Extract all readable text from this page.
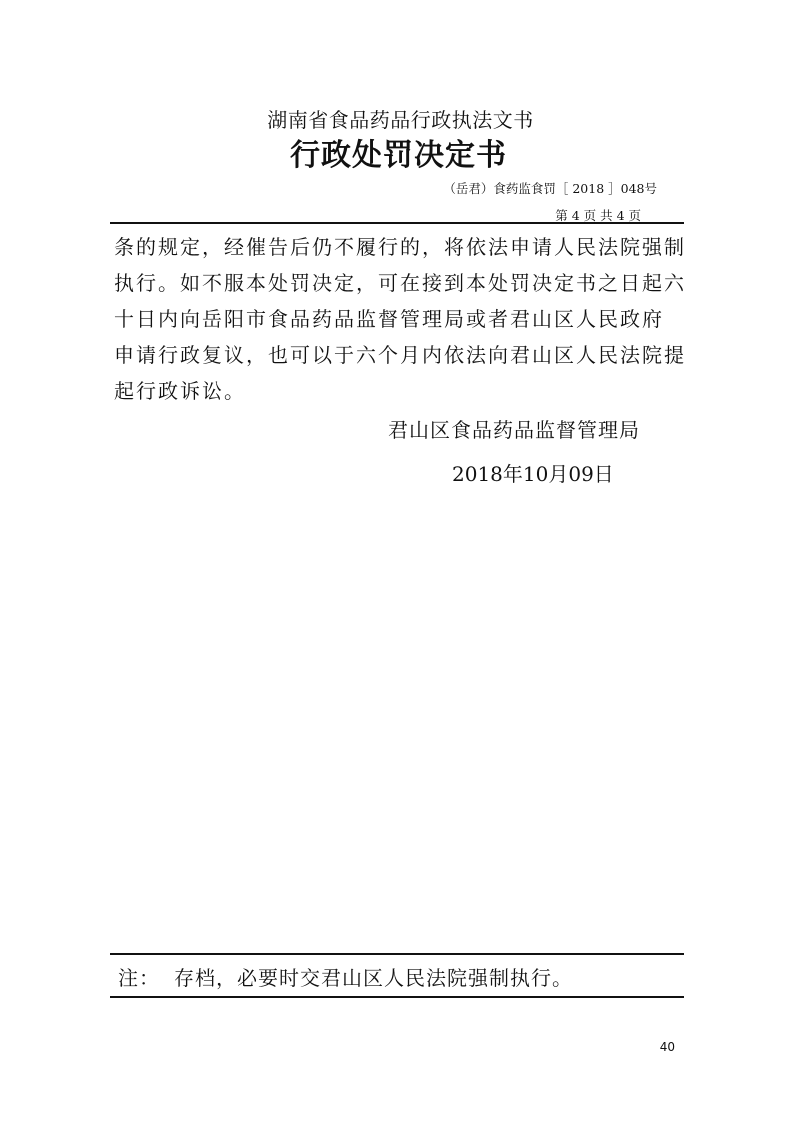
湖南省食品药品行政执法文书
行政处罚决定书
（岳君）食药监食罚［ 2018 ］048号
第 4 页 共 4 页
条的规定，经催告后仍不履行的，将依法申请人民法院强制
执行。如不服本处罚决定，可在接到本处罚决定书之日起六
十日内向岳阳市食品药品监督管理局或者君山区人民政府
申请行政复议，也可以于六个月内依法向君山区人民法院提
起行政诉讼。
君山区食品药品监督管理局
2018年10月09日
注： 存档，必要时交君山区人民法院强制执行。
40
